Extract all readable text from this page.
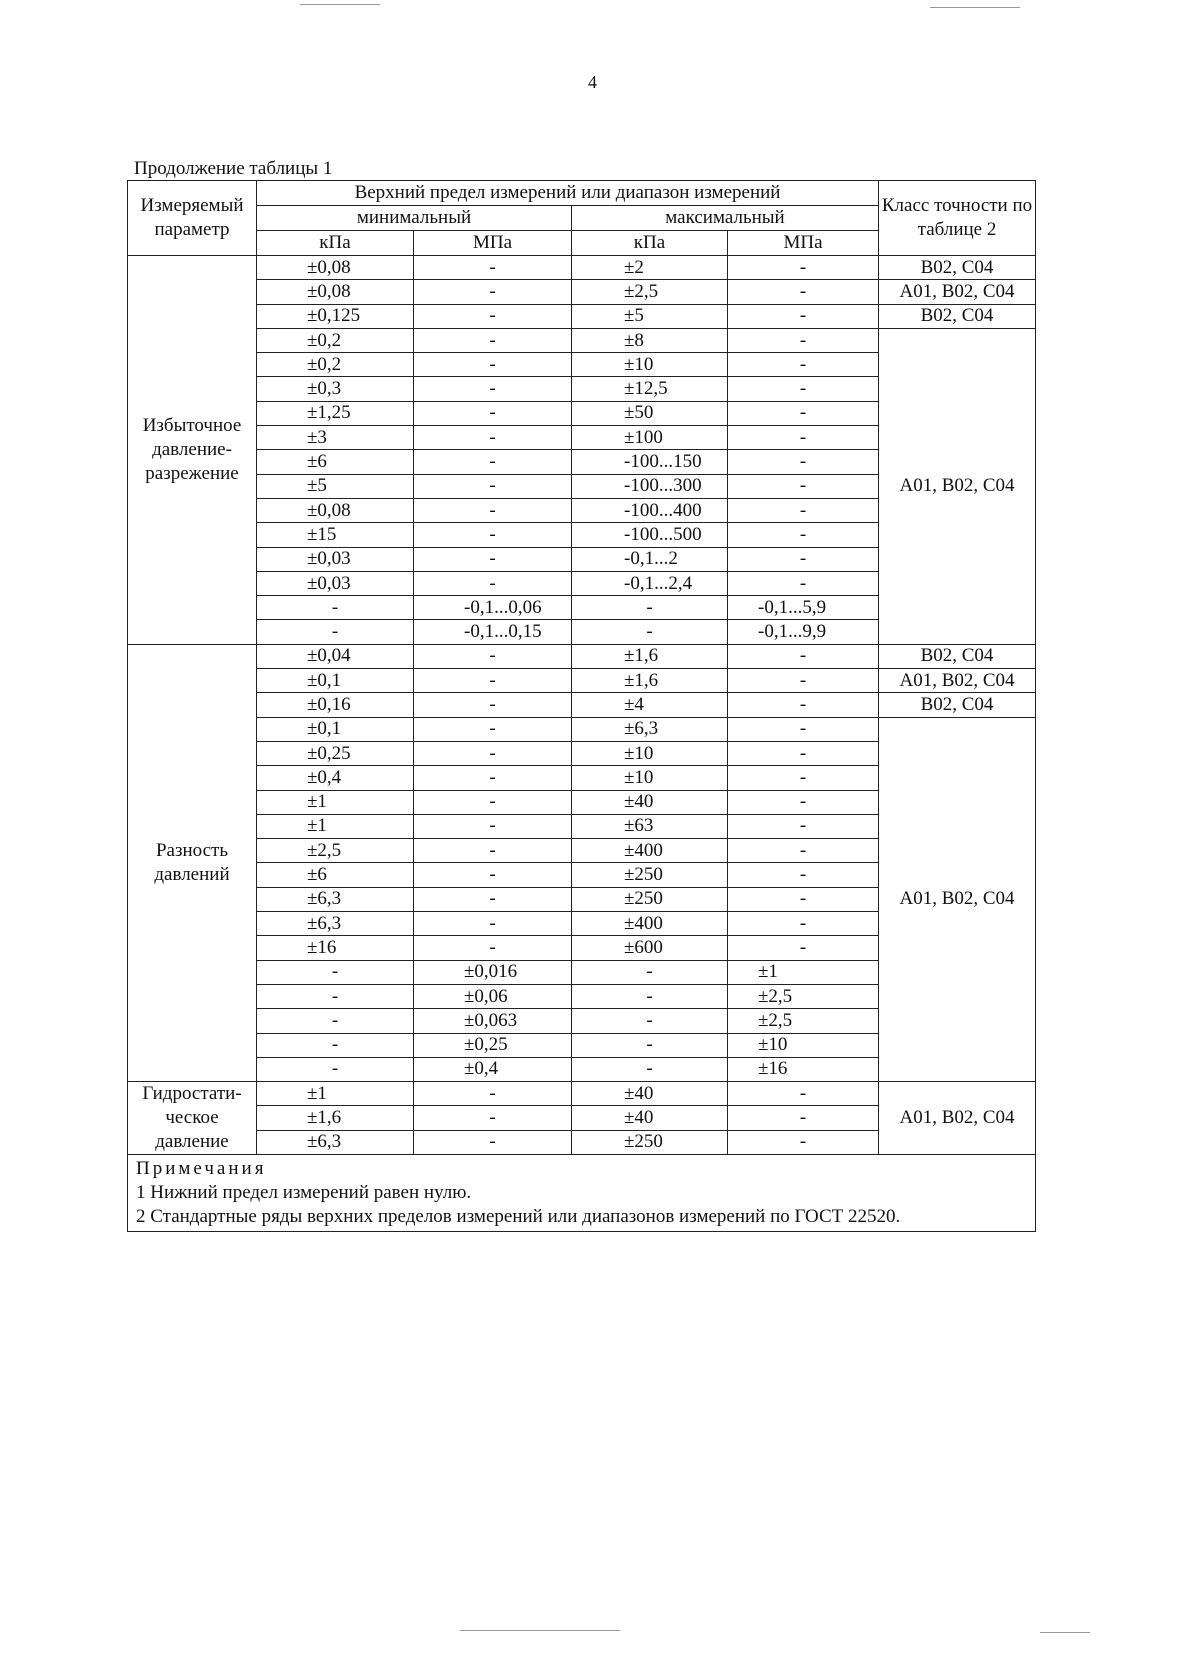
4
Продолжение таблицы 1
Измеряемый параметр	Верхний предел измерений или диапазон измерений				Класс точности по таблице 2
	минимальный		максимальный		
	кПа	МПа	кПа	МПа	
Избыточное давление-разрежение	±0,08	-	±2	-	B02, C04
	±0,08	-	±2,5	-	A01, B02, C04
	±0,125	-	±5	-	B02, C04
	±0,2	-	±8	-	A01, B02, C04
	±0,2	-	±10	-	
	±0,3	-	±12,5	-	
	±1,25	-	±50	-	
	±3	-	±100	-	
	±6	-	-100...150	-	
	±5	-	-100...300	-	
	±0,08	-	-100...400	-	
	±15	-	-100...500	-	
	±0,03	-	-0,1...2	-	
	±0,03	-	-0,1...2,4	-	
	-	-0,1...0,06	-	-0,1...5,9	
	-	-0,1...0,15	-	-0,1...9,9	
Разность давлений	±0,04	-	±1,6	-	B02, C04
	±0,1	-	±1,6	-	A01, B02, C04
	±0,16	-	±4	-	B02, C04
	±0,1	-	±6,3	-	A01, B02, C04
	±0,25	-	±10	-	
	±0,4	-	±10	-	
	±1	-	±40	-	
	±1	-	±63	-	
	±2,5	-	±400	-	
	±6	-	±250	-	
	±6,3	-	±250	-	
	±6,3	-	±400	-	
	±16	-	±600	-	
	-	±0,016	-	±1	
	-	±0,06	-	±2,5	
	-	±0,063	-	±2,5	
	-	±0,25	-	±10	
	-	±0,4	-	±16	
Гидростати-ческое давление	±1	-	±40	-	A01, B02, C04
	±1,6	-	±40	-	
	±6,3	-	±250	-	

Примечания
1 Нижний предел измерений равен нулю.
2 Стандартные ряды верхних пределов измерений или диапазонов измерений по ГОСТ 22520.					
